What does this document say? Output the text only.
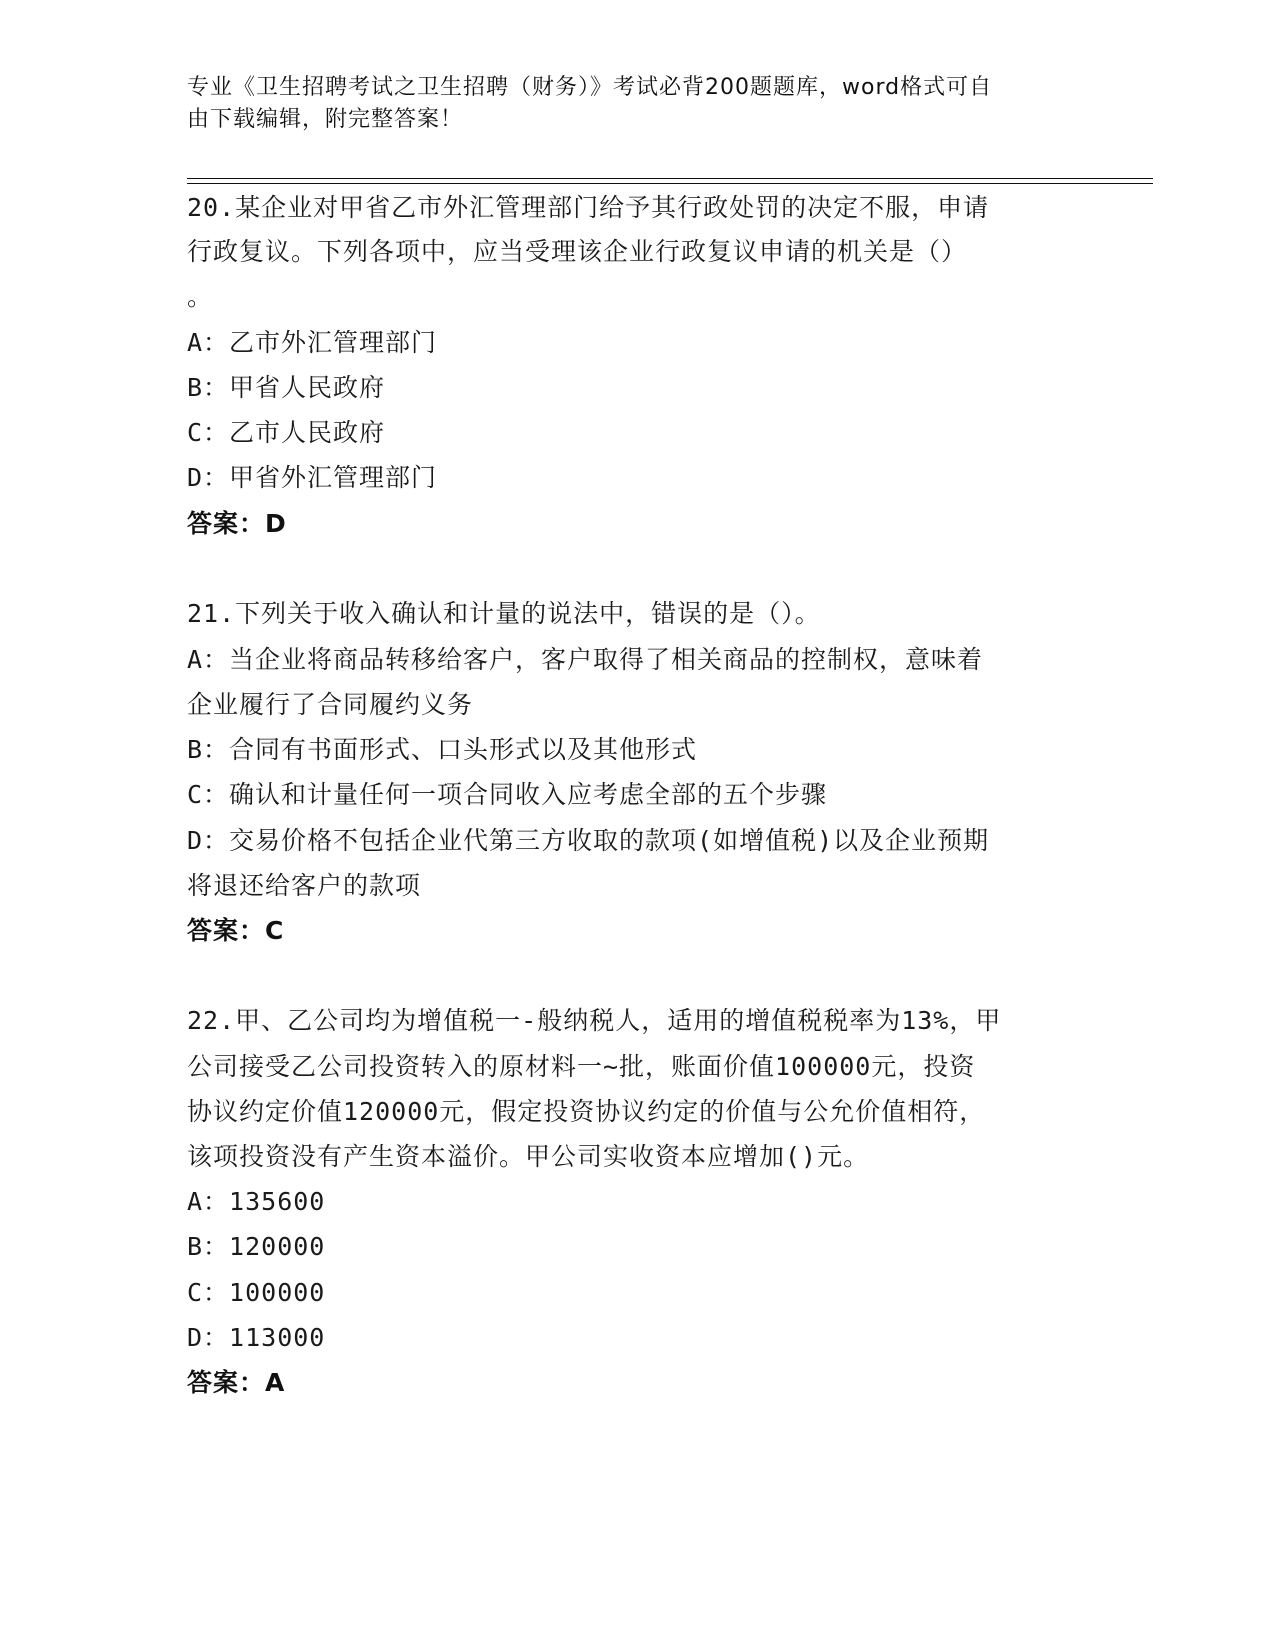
专业《卫生招聘考试之卫生招聘（财务）》考试必背200题题库，word格式可自
由下载编辑，附完整答案！
20.某企业对甲省乙市外汇管理部门给予其行政处罚的决定不服，申请
行政复议。下列各项中，应当受理该企业行政复议申请的机关是（）
。
A：乙市外汇管理部门
B：甲省人民政府
C：乙市人民政府
D：甲省外汇管理部门
答案：D
21.下列关于收入确认和计量的说法中，错误的是（）。
A：当企业将商品转移给客户，客户取得了相关商品的控制权，意味着
企业履行了合同履约义务
B：合同有书面形式、口头形式以及其他形式
C：确认和计量任何一项合同收入应考虑全部的五个步骤
D：交易价格不包括企业代第三方收取的款项(如增值税)以及企业预期
将退还给客户的款项
答案：C
22.甲、乙公司均为增值税一-般纳税人，适用的增值税税率为13%，甲
公司接受乙公司投资转入的原材料一~批，账面价值100000元，投资
协议约定价值120000元，假定投资协议约定的价值与公允价值相符，
该项投资没有产生资本溢价。甲公司实收资本应增加()元。
A：135600
B：120000
C：100000
D：113000
答案：A
